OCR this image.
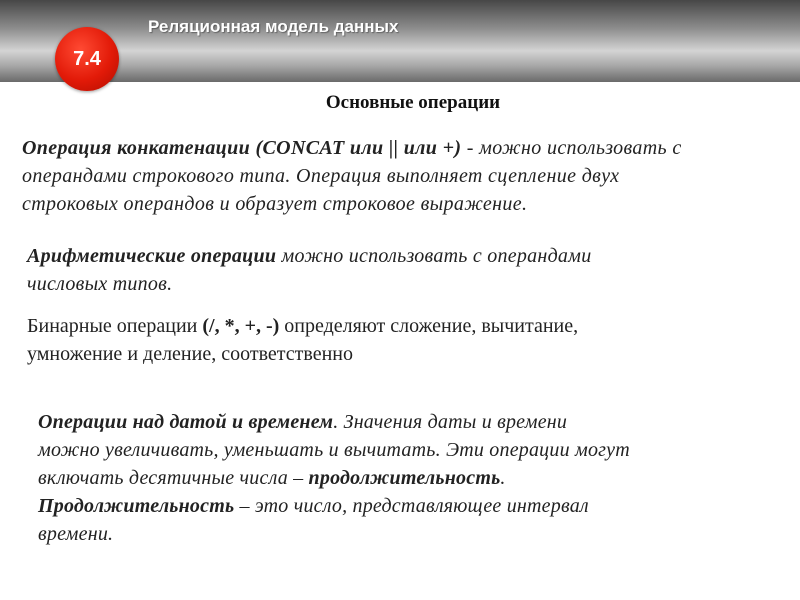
Реляционная модель данных
7.4
Основные операции
Операция конкатенации (CONCAT или || или +) - можно использовать с
операндами строкового типа. Операция выполняет сцепление двух
строковых операндов и образует строковое выражение.
Арифметические операции можно использовать с операндами
числовых типов.
Бинарные операции (/, *, +, -) определяют сложение, вычитание,
умножение и деление, соответственно
Операции над датой и временем. Значения даты и времени
можно увеличивать, уменьшать и вычитать. Эти операции могут
включать десятичные числа – продолжительность.
Продолжительность – это число, представляющее интервал
времени.
